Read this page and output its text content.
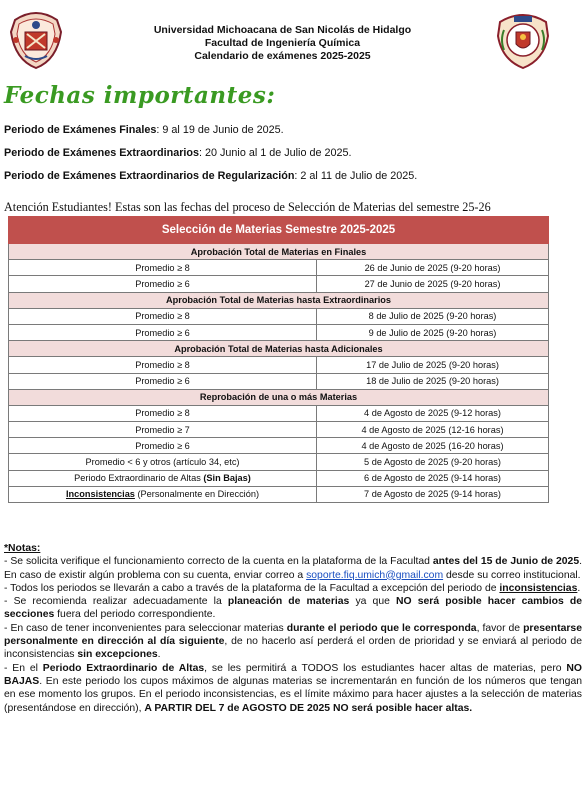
Universidad Michoacana de San Nicolás de Hidalgo
Facultad de Ingeniería Química
Calendario de exámenes 2025-2025
Fechas importantes:

Periodo de Exámenes Finales: 9 al 19 de Junio de 2025.

Periodo de Exámenes Extraordinarios: 20 Junio al 1 de Julio de 2025.

Periodo de Exámenes Extraordinarios de Regularización: 2 al 11 de Julio de 2025.

Atención Estudiantes! Estas son las fechas del proceso de Selección de Materias del semestre 25-26
Selección de Materias Semestre 2025-2025	
Aprobación Total de Materias en Finales	
Promedio ≥ 8	26 de Junio de 2025 (9-20 horas)
Promedio ≥ 6	27 de Junio de 2025 (9-20 horas)
Aprobación Total de Materias hasta Extraordinarios	
Promedio ≥ 8	8 de Julio de 2025 (9-20 horas)
Promedio ≥ 6	9 de Julio de 2025 (9-20 horas)
Aprobación Total de Materias hasta Adicionales	
Promedio ≥ 8	17 de Julio de 2025 (9-20 horas)
Promedio ≥ 6	18 de Julio de 2025 (9-20 horas)
Reprobación de una o más Materias	
Promedio ≥ 8	4 de Agosto de 2025 (9-12 horas)
Promedio ≥ 7	4 de Agosto de 2025 (12-16 horas)
Promedio ≥ 6	4 de Agosto de 2025 (16-20 horas)
Promedio < 6 y otros (artículo 34, etc)	5 de Agosto de 2025 (9-20 horas)
Periodo Extraordinario de Altas (Sin Bajas)	6 de Agosto de 2025 (9-14 horas)
Inconsistencias (Personalmente en Dirección)	7 de Agosto de 2025 (9-14 horas)

*Notas:

- Se solicita verifique el funcionamiento correcto de la cuenta en la plataforma de la Facultad antes del 15 de Junio de 2025. En caso de existir algún problema con su cuenta, enviar correo a soporte.fiq.umich@gmail.com desde su correo institucional.

- Todos los periodos se llevarán a cabo a través de la plataforma de la Facultad a excepción del periodo de inconsistencias.

- Se recomienda realizar adecuadamente la planeación de materias ya que NO será posible hacer cambios de secciones fuera del periodo correspondiente.

- En caso de tener inconvenientes para seleccionar materias durante el periodo que le corresponda, favor de presentarse personalmente en dirección al día siguiente, de no hacerlo así perderá el orden de prioridad y se enviará al periodo de inconsistencias sin excepciones.

- En el Periodo Extraordinario de Altas, se les permitirá a TODOS los estudiantes hacer altas de materias, pero NO BAJAS. En este periodo los cupos máximos de algunas materias se incrementarán en función de los números que tengan en ese momento los grupos. En el periodo inconsistencias, es el límite máximo para hacer ajustes a la selección de materias (presentándose en dirección), A PARTIR DEL 7 de AGOSTO DE 2025 NO será posible hacer altas.
